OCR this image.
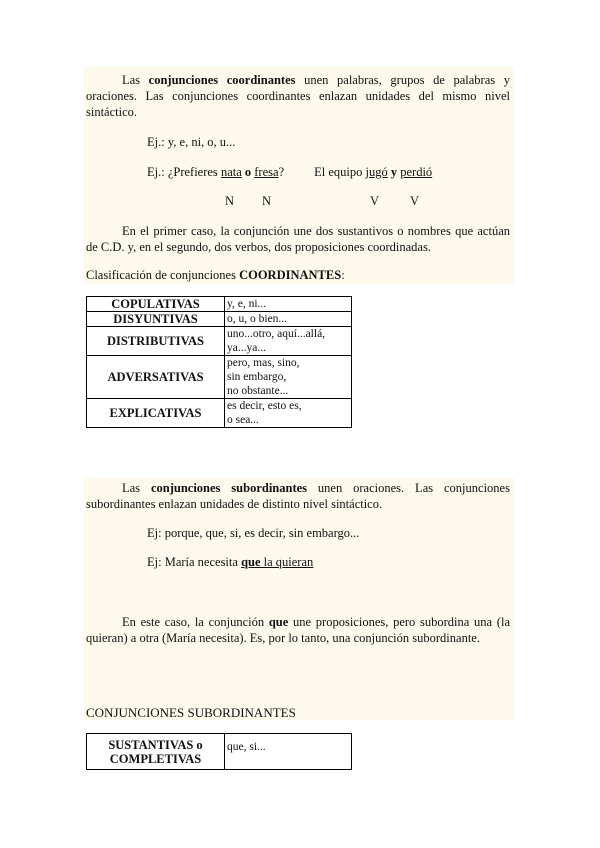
Las conjunciones coordinantes unen palabras, grupos de palabras y oraciones. Las conjunciones coordinantes enlazan unidades del mismo nivel sintáctico.
Ej.: y, e, ni, o, u...
Ej.: ¿Prefieres nata o fresa? El equipo jugó y perdió
N N	V V
En el primer caso, la conjunción une dos sustantivos o nombres que actúan de C.D. y, en el segundo, dos verbos, dos proposiciones coordinadas.
Clasificación de conjunciones COORDINANTES:
COPULATIVAS	y, e, ni...
DISYUNTIVAS	o, u, o bien...
DISTRIBUTIVAS	uno...otro, aquí...allá,
ya...ya...
ADVERSATIVAS	pero, mas, sino,
sin embargo,
no obstante...
EXPLICATIVAS	es decir, esto es,
o sea...
Las conjunciones subordinantes unen oraciones. Las conjunciones subordinantes enlazan unidades de distinto nivel sintáctico.
Ej: porque, que, si, es decir, sin embargo...
Ej: María necesita que la quieran
En este caso, la conjunción que une proposiciones, pero subordina una (la quieran) a otra (María necesita). Es, por lo tanto, una conjunción subordinante.
CONJUNCIONES SUBORDINANTES
SUSTANTIVAS o
COMPLETIVAS	que, si...
